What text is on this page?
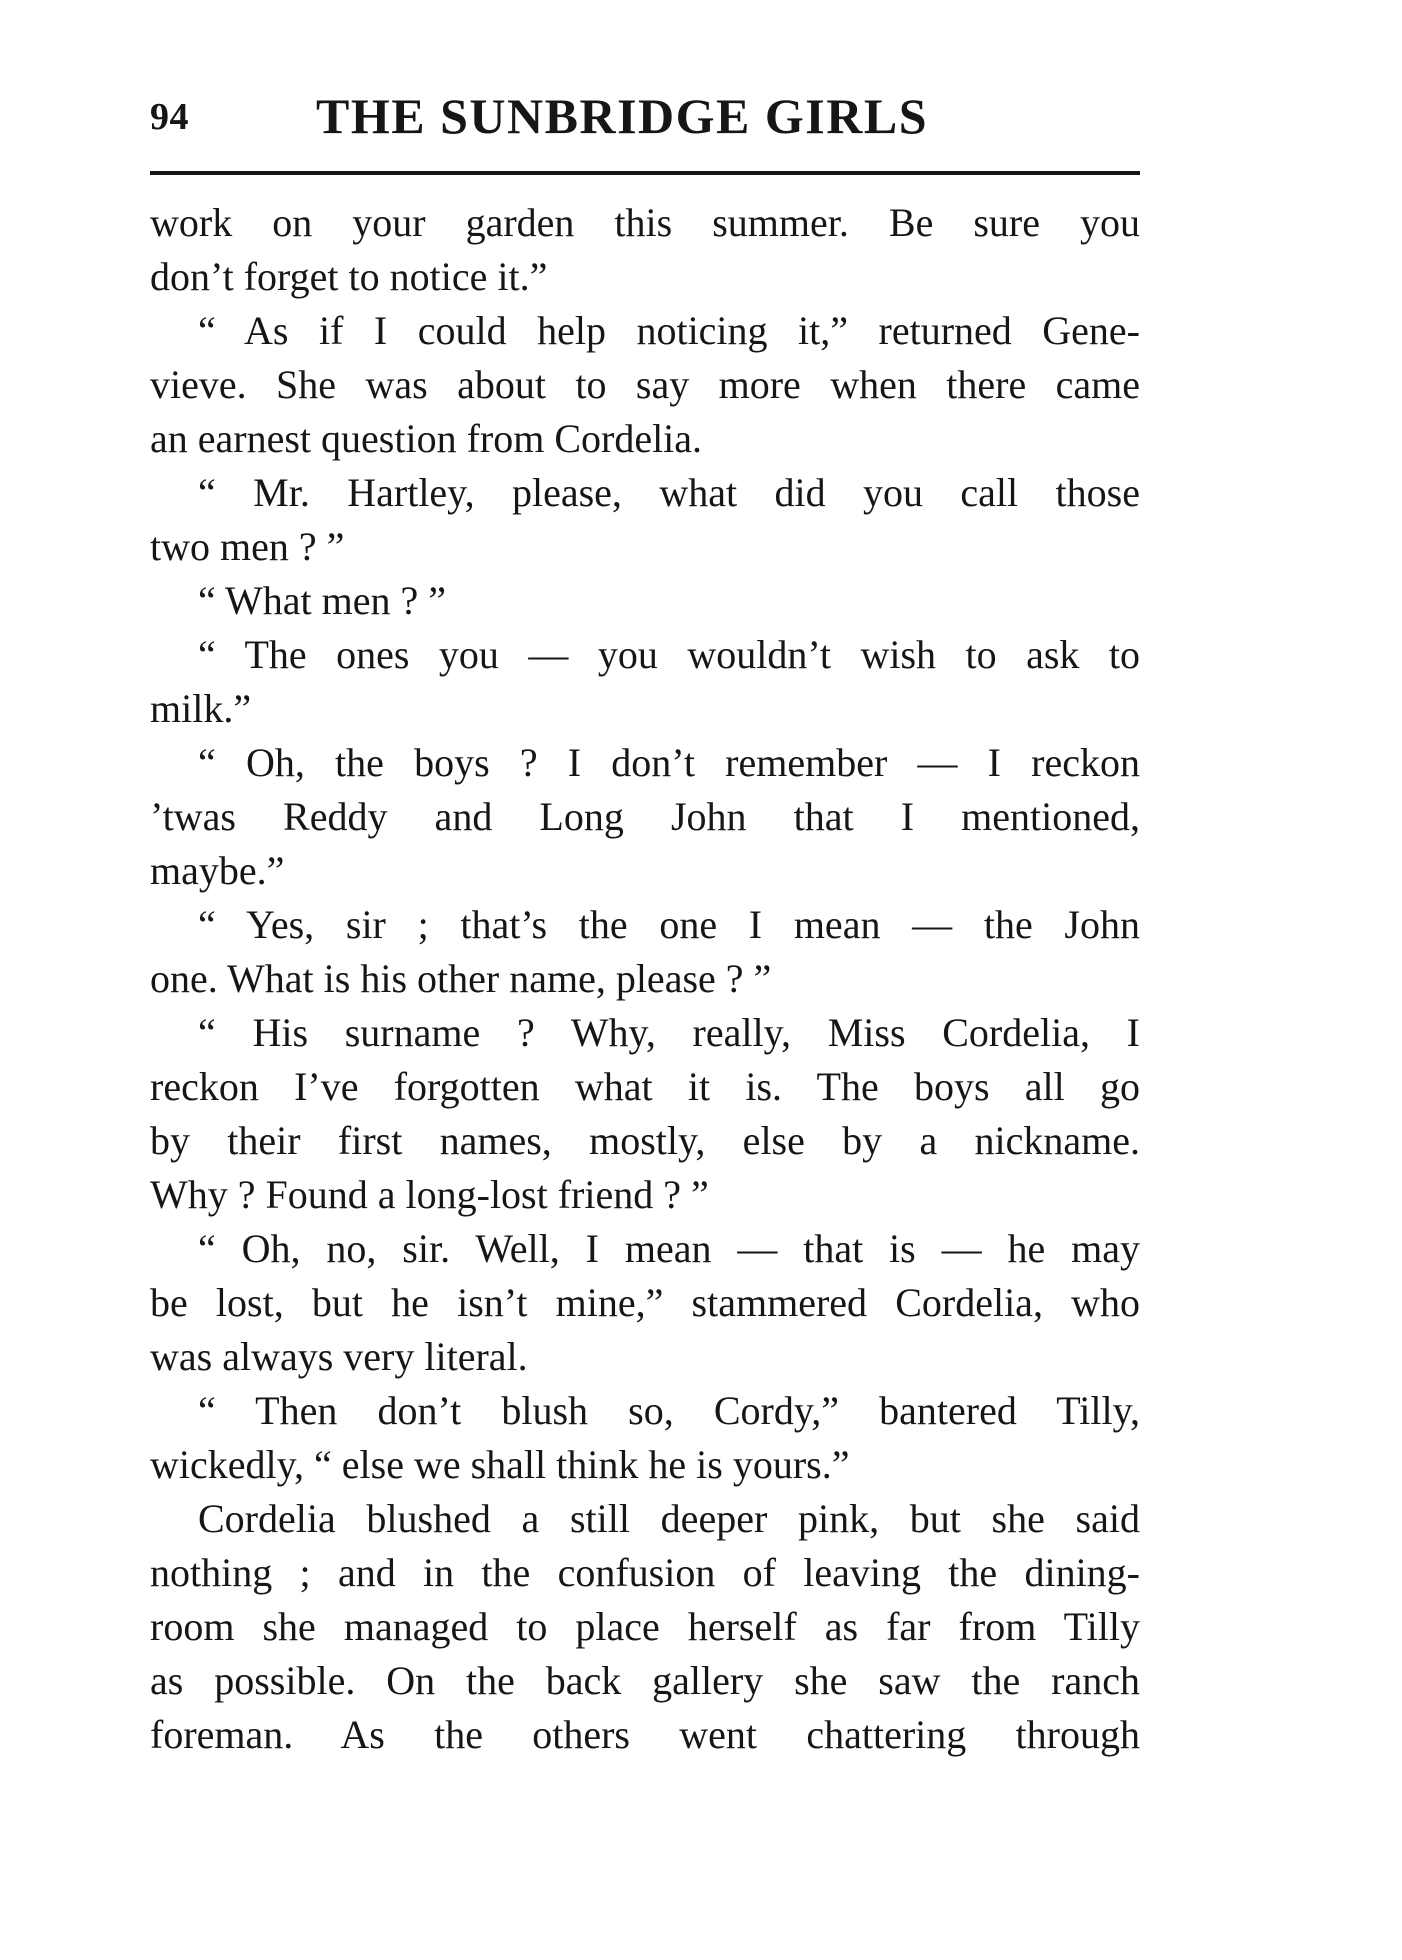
94	THE SUNBRIDGE GIRLS
work on your garden this summer. Be sure you
don’t forget to notice it.”
“ As if I could help noticing it,” returned Gene-
vieve. She was about to say more when there came
an earnest question from Cordelia.
“ Mr. Hartley, please, what did you call those
two men ? ”
“ What men ? ”
“ The ones you — you wouldn’t wish to ask to
milk.”
“ Oh, the boys ? I don’t remember — I reckon
’twas Reddy and Long John that I mentioned,
maybe.”
“ Yes, sir ; that’s the one I mean — the John
one. What is his other name, please ? ”
“ His surname ? Why, really, Miss Cordelia, I
reckon I’ve forgotten what it is. The boys all go
by their first names, mostly, else by a nickname.
Why ? Found a long-lost friend ? ”
“ Oh, no, sir. Well, I mean — that is — he may
be lost, but he isn’t mine,” stammered Cordelia, who
was always very literal.
“ Then don’t blush so, Cordy,” bantered Tilly,
wickedly, “ else we shall think he is yours.”
Cordelia blushed a still deeper pink, but she said
nothing ; and in the confusion of leaving the dining-
room she managed to place herself as far from Tilly
as possible. On the back gallery she saw the ranch
foreman. As the others went chattering through
